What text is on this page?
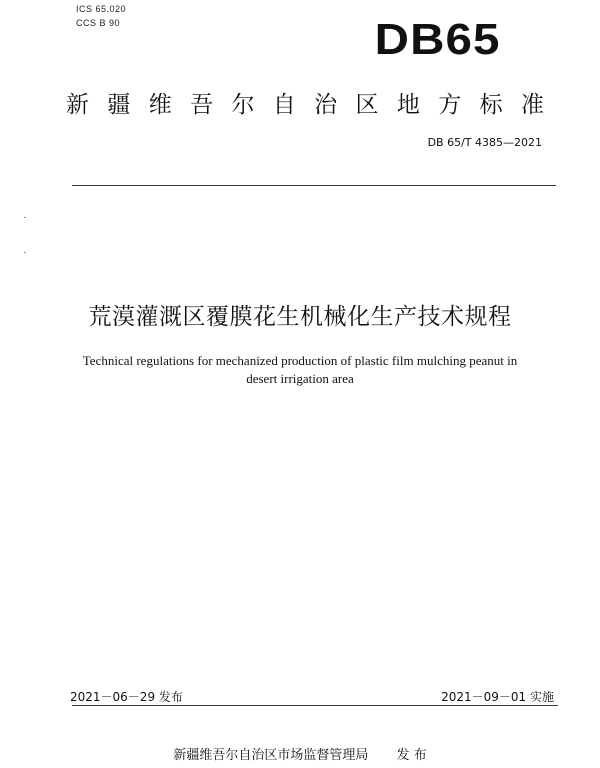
ICS 65.020
CCS B 90	DB65
新 疆 维 吾 尔 自 治 区 地 方 标 准
DB 65/T 4385—2021
荒漠灌溉区覆膜花生机械化生产技术规程
Technical regulations for mechanized production of plastic film mulching peanut in
desert irrigation area
2021－06－29 发布	2021－09－01 实施
新疆维吾尔自治区市场监督管理局 发 布
